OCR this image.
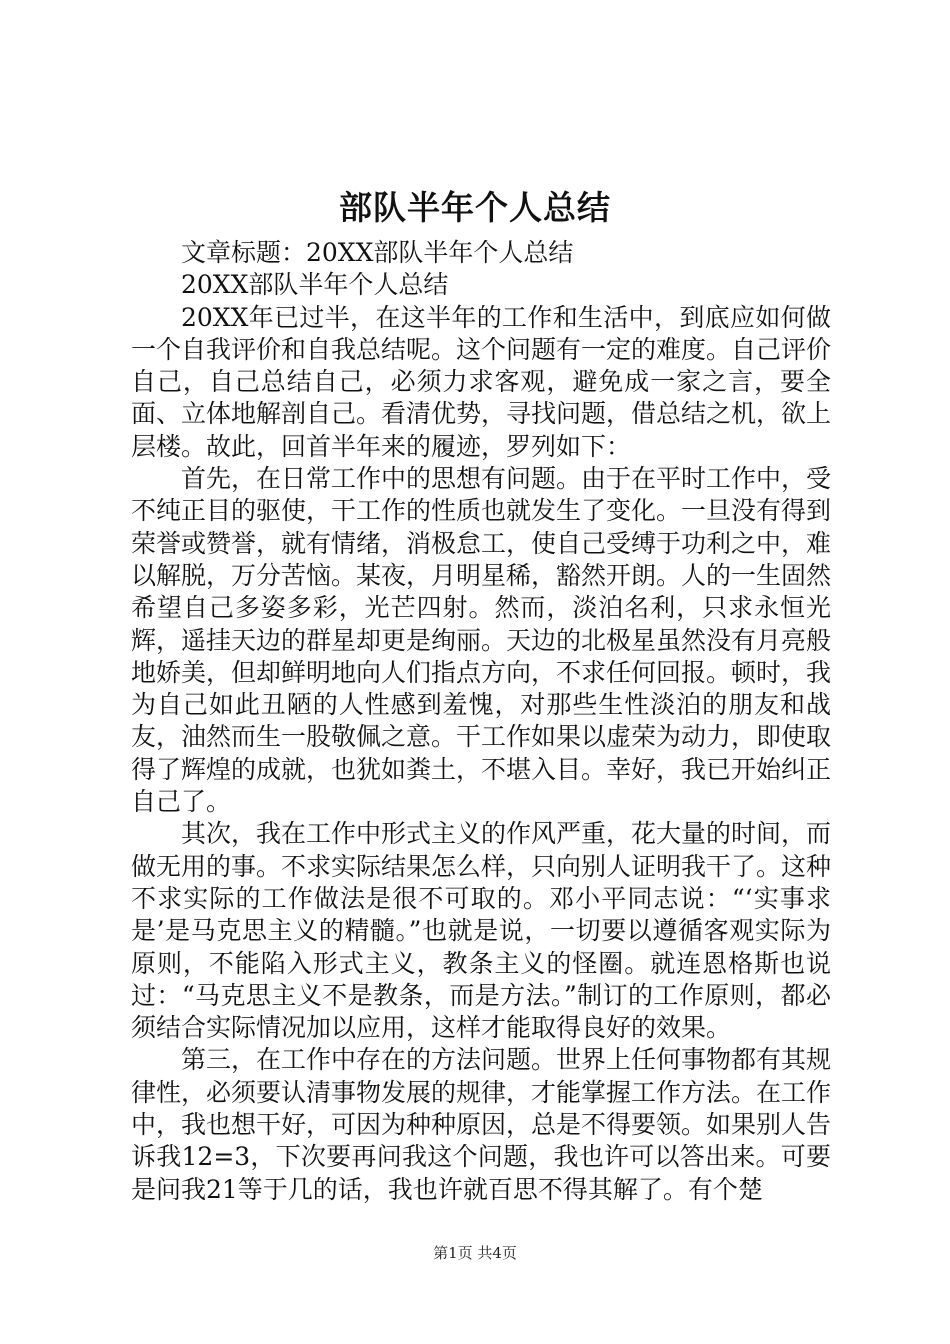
部队半年个人总结

文章标题：20XX部队半年个人总结

20XX部队半年个人总结

20XX年已过半，在这半年的工作和生活中，到底应如何做一个自我评价和自我总结呢。这个问题有一定的难度。自己评价自己，自己总结自己，必须力求客观，避免成一家之言，要全面、立体地解剖自己。看清优势，寻找问题，借总结之机，欲上层楼。故此，回首半年来的履迹，罗列如下：

首先，在日常工作中的思想有问题。由于在平时工作中，受不纯正目的驱使，干工作的性质也就发生了变化。一旦没有得到荣誉或赞誉，就有情绪，消极怠工，使自己受缚于功利之中，难以解脱，万分苦恼。某夜，月明星稀，豁然开朗。人的一生固然希望自己多姿多彩，光芒四射。然而，淡泊名利，只求永恒光辉，遥挂天边的群星却更是绚丽。天边的北极星虽然没有月亮般地娇美，但却鲜明地向人们指点方向，不求任何回报。顿时，我为自己如此丑陋的人性感到羞愧，对那些生性淡泊的朋友和战友，油然而生一股敬佩之意。干工作如果以虚荣为动力，即使取得了辉煌的成就，也犹如粪土，不堪入目。幸好，我已开始纠正自己了。

其次，我在工作中形式主义的作风严重，花大量的时间，而做无用的事。不求实际结果怎么样，只向别人证明我干了。这种不求实际的工作做法是很不可取的。邓小平同志说：“‘实事求是’是马克思主义的精髓。”也就是说，一切要以遵循客观实际为原则，不能陷入形式主义，教条主义的怪圈。就连恩格斯也说过：“马克思主义不是教条，而是方法。”制订的工作原则，都必须结合实际情况加以应用，这样才能取得良好的效果。

第三，在工作中存在的方法问题。世界上任何事物都有其规律性，必须要认清事物发展的规律，才能掌握工作方法。在工作中，我也想干好，可因为种种原因，总是不得要领。如果别人告诉我12=3，下次要再问我这个问题，我也许可以答出来。可要是问我21等于几的话，我也许就百思不得其解了。有个楚

第1页 共4页
